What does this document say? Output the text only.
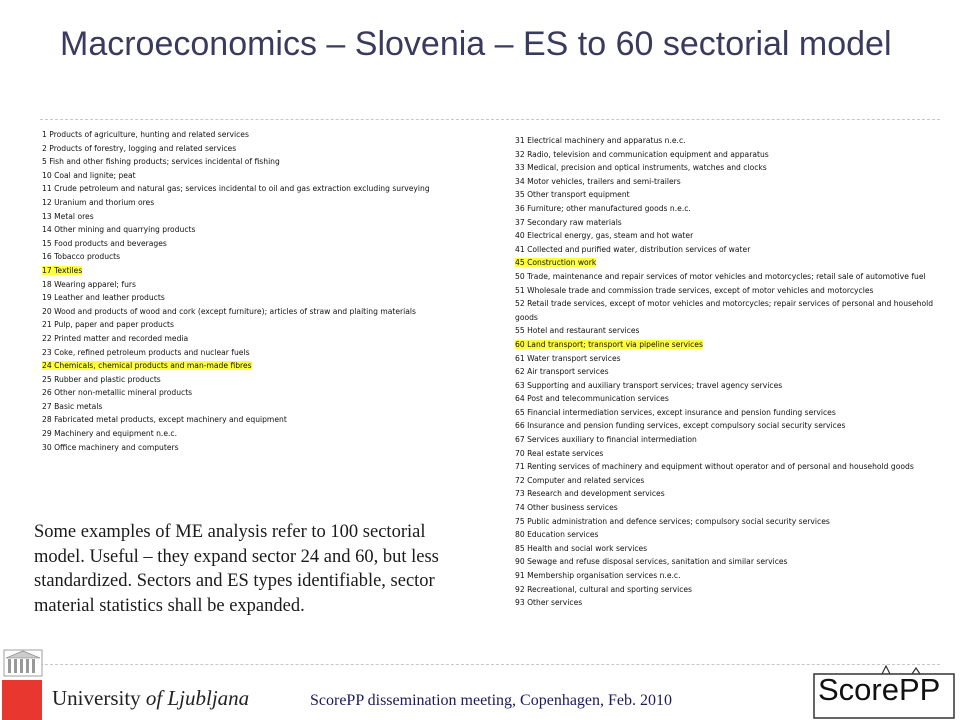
Macroeconomics – Slovenia – ES to 60 sectorial model
1 Products of agriculture, hunting and related services
2 Products of forestry, logging and related services
5 Fish and other fishing products; services incidental of fishing
10 Coal and lignite; peat
11 Crude petroleum and natural gas; services incidental to oil and gas extraction excluding surveying
12 Uranium and thorium ores
13 Metal ores
14 Other mining and quarrying products
15 Food products and beverages
16 Tobacco products
17 Textiles
18 Wearing apparel; furs
19 Leather and leather products
20 Wood and products of wood and cork (except furniture); articles of straw and plaiting materials
21 Pulp, paper and paper products
22 Printed matter and recorded media
23 Coke, refined petroleum products and nuclear fuels
24 Chemicals, chemical products and man-made fibres
25 Rubber and plastic products
26 Other non-metallic mineral products
27 Basic metals
28 Fabricated metal products, except machinery and equipment
29 Machinery and equipment n.e.c.
30 Office machinery and computers
31 Electrical machinery and apparatus n.e.c.
32 Radio, television and communication equipment and apparatus
33 Medical, precision and optical instruments, watches and clocks
34 Motor vehicles, trailers and semi-trailers
35 Other transport equipment
36 Furniture; other manufactured goods n.e.c.
37 Secondary raw materials
40 Electrical energy, gas, steam and hot water
41 Collected and purified water, distribution services of water
45 Construction work
50 Trade, maintenance and repair services of motor vehicles and motorcycles; retail sale of automotive fuel
51 Wholesale trade and commission trade services, except of motor vehicles and motorcycles
52 Retail trade services, except of motor vehicles and motorcycles; repair services of personal and household goods
55 Hotel and restaurant services
60 Land transport; transport via pipeline services
61 Water transport services
62 Air transport services
63 Supporting and auxiliary transport services; travel agency services
64 Post and telecommunication services
65 Financial intermediation services, except insurance and pension funding services
66 Insurance and pension funding services, except compulsory social security services
67 Services auxiliary to financial intermediation
70 Real estate services
71 Renting services of machinery and equipment without operator and of personal and household goods
72 Computer and related services
73 Research and development services
74 Other business services
75 Public administration and defence services; compulsory social security services
80 Education services
85 Health and social work services
90 Sewage and refuse disposal services, sanitation and similar services
91 Membership organisation services n.e.c.
92 Recreational, cultural and sporting services
93 Other services
Some examples of ME analysis refer to 100 sectorial model. Useful – they expand sector 24 and 60, but less standardized. Sectors and ES types identifiable, sector material statistics shall be expanded.
University of Ljubljana	ScorePP dissemination meeting, Copenhagen, Feb. 2010	ScorePP
